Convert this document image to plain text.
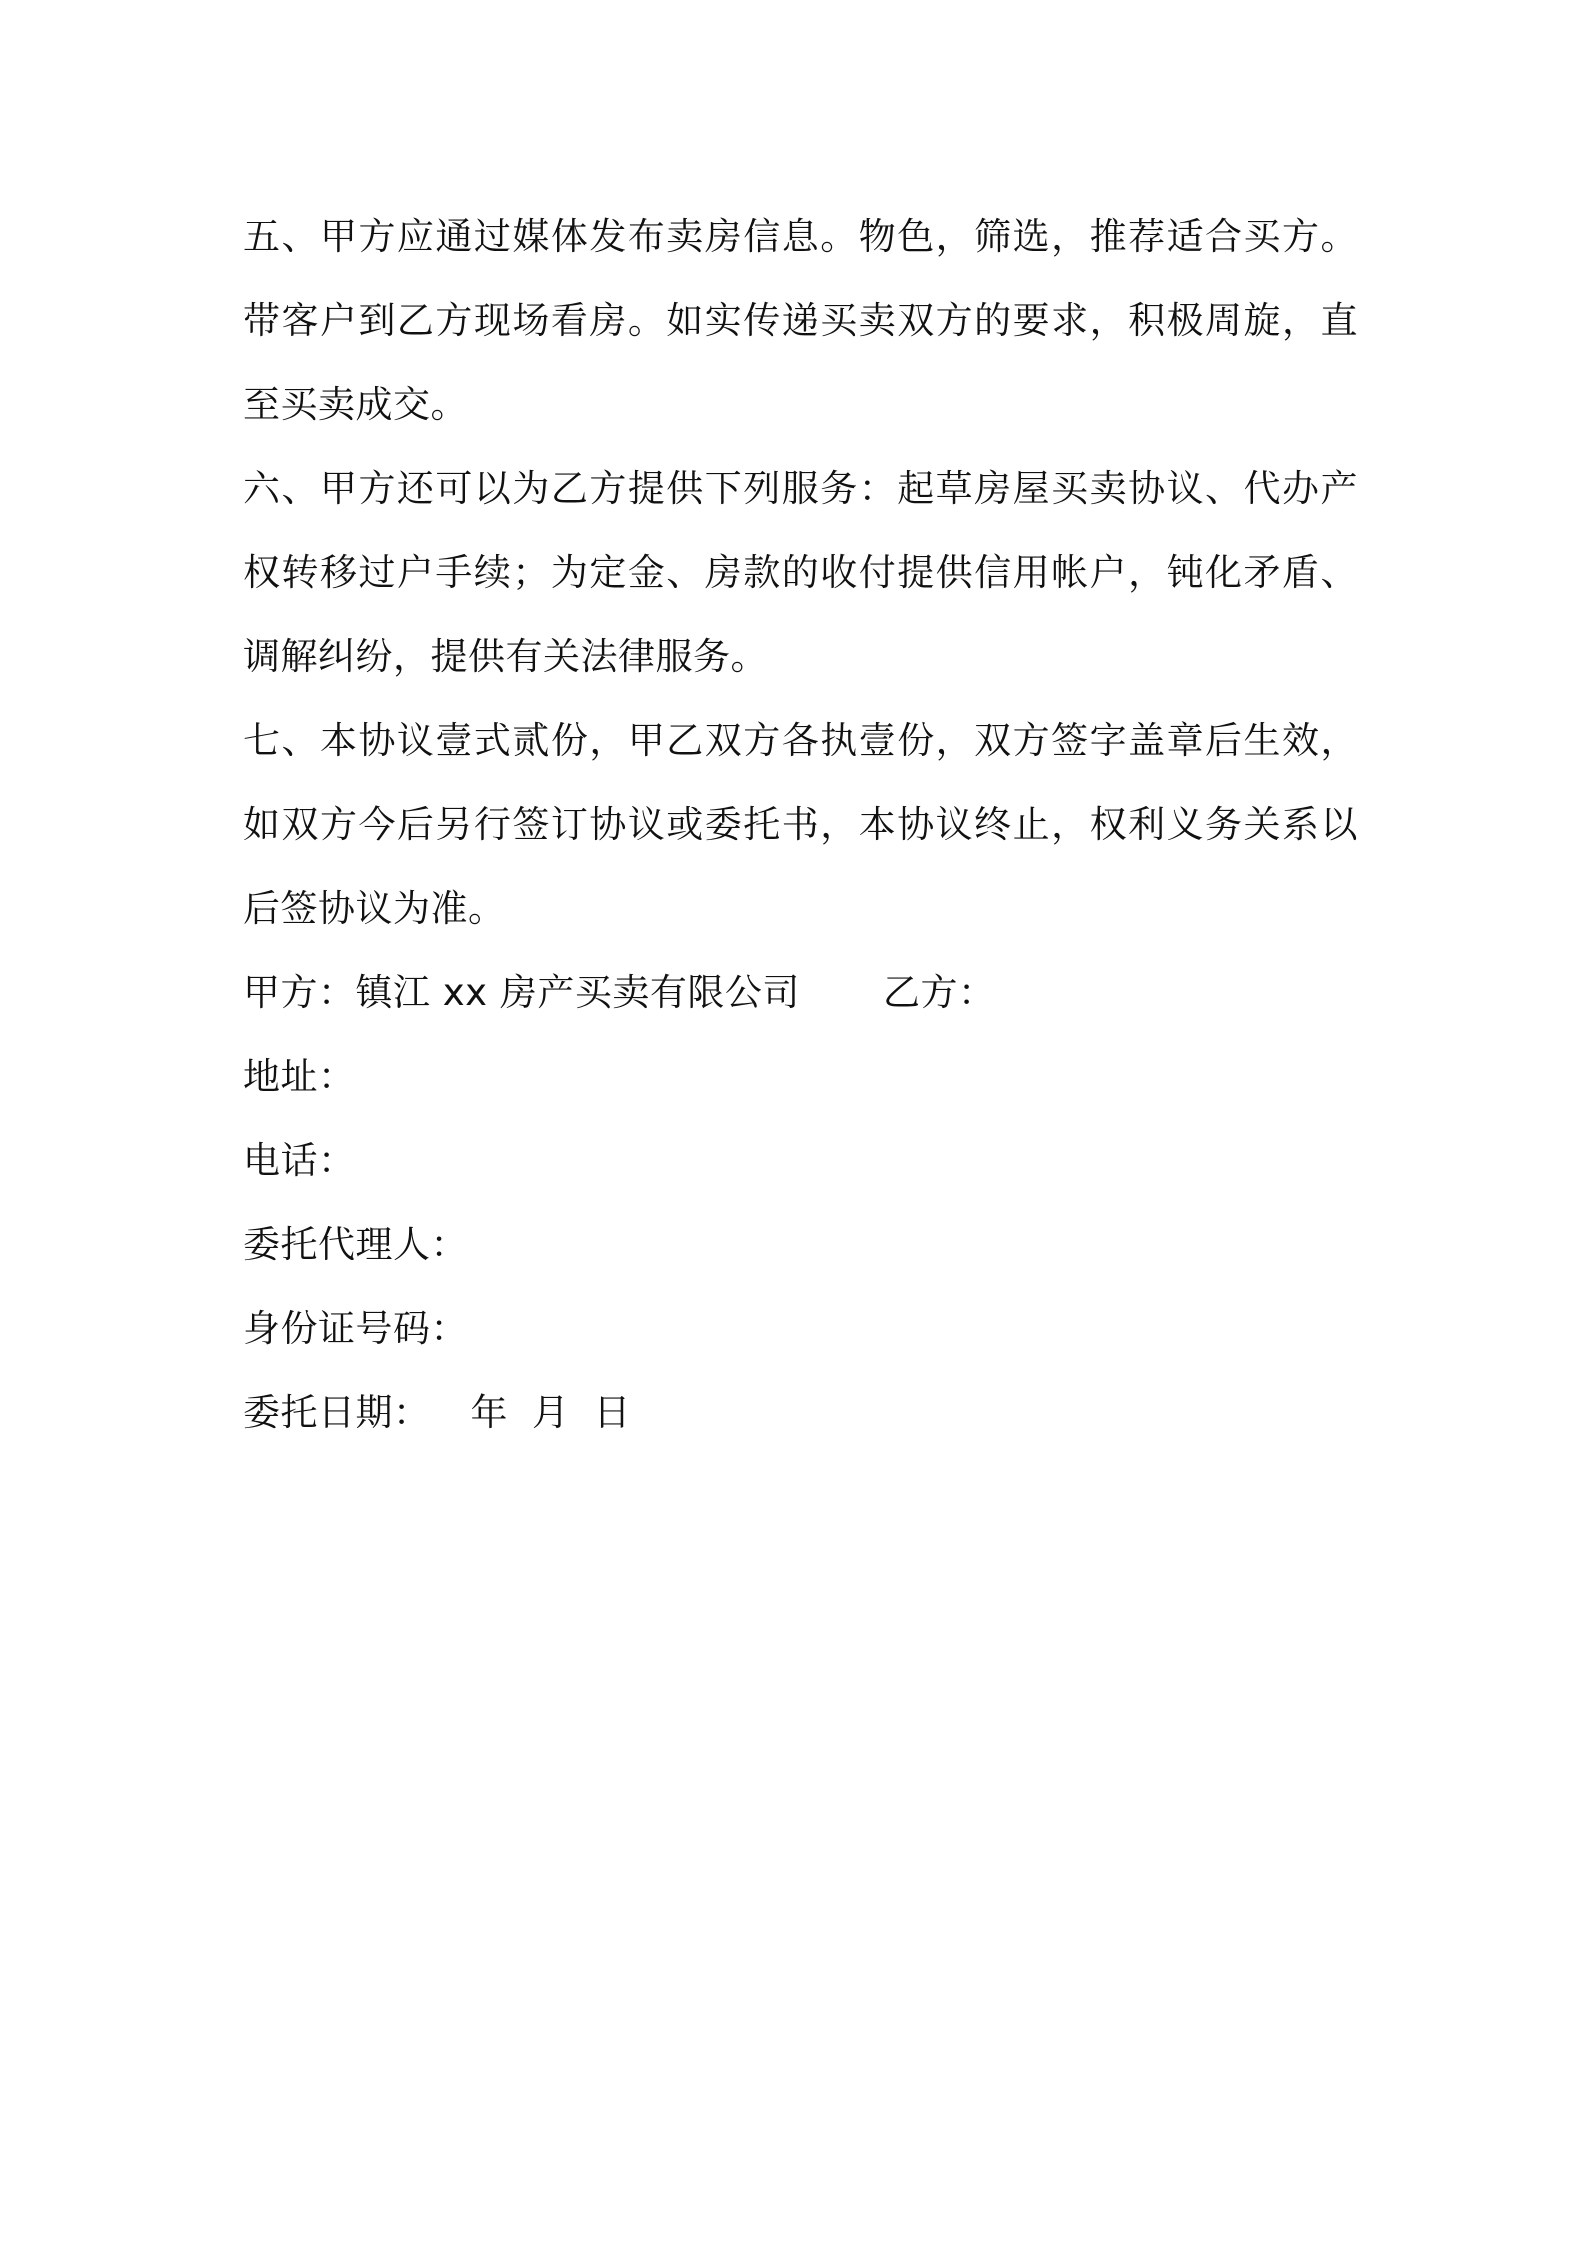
五、甲方应通过媒体发布卖房信息。物色，筛选，推荐适合买方。带客户到乙方现场看房。如实传递买卖双方的要求，积极周旋，直至买卖成交。

六、甲方还可以为乙方提供下列服务：起草房屋买卖协议、代办产权转移过户手续；为定金、房款的收付提供信用帐户，钝化矛盾、调解纠纷，提供有关法律服务。

七、本协议壹式贰份，甲乙双方各执壹份，双方签字盖章后生效，如双方今后另行签订协议或委托书，本协议终止，权利义务关系以后签协议为准。

甲方：镇江 xx 房产买卖有限公司	乙方：

地址：

电话：

委托代理人：

身份证号码：

委托日期： 年 月 日
